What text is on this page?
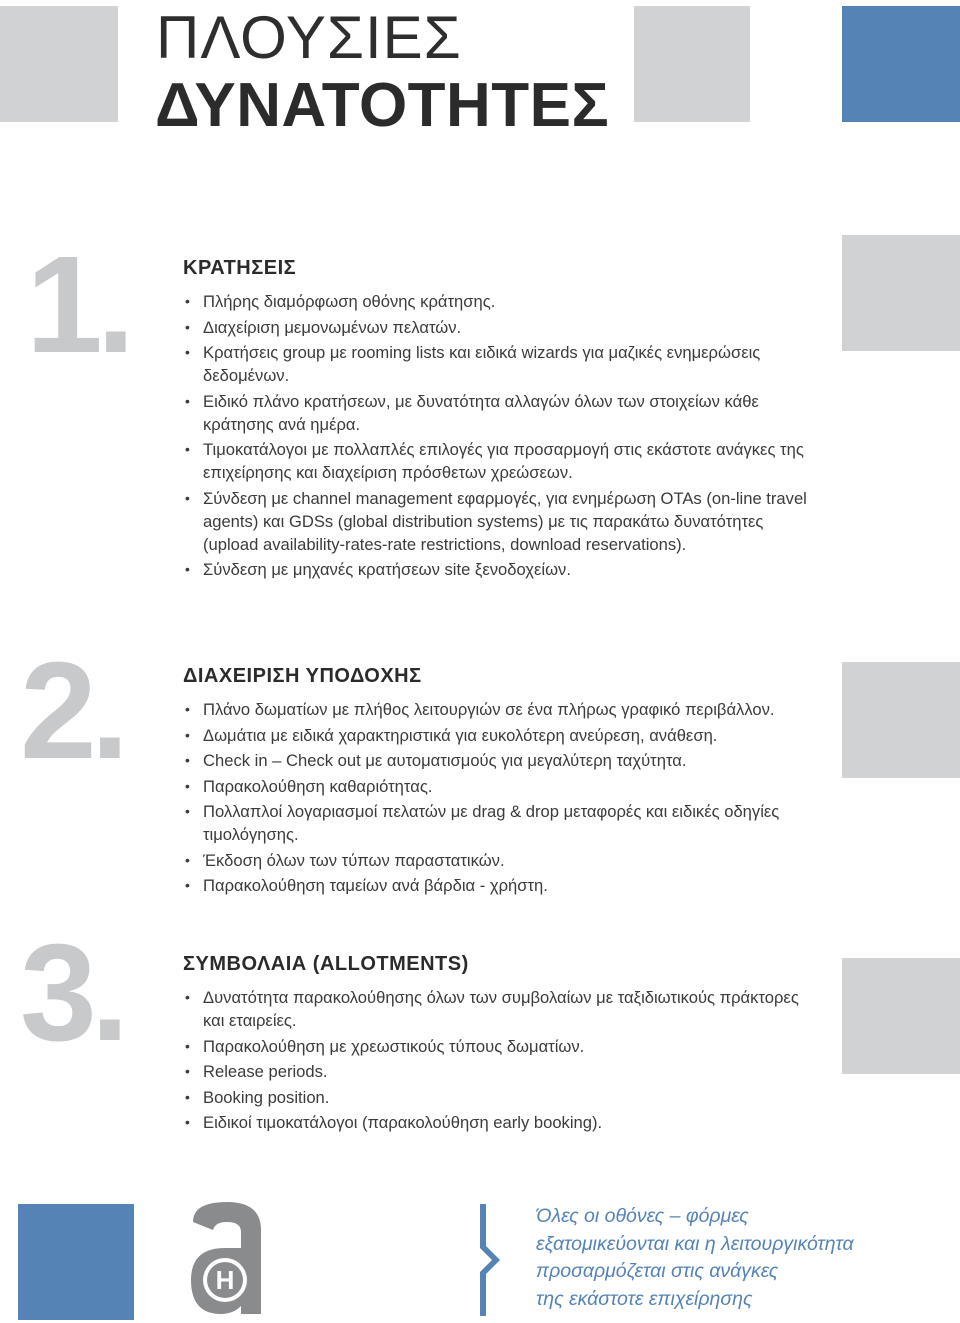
ΠΛΟΥΣΙΕΣ
ΔΥΝΑΤΟΤΗΤΕΣ
1.
2.
3.
ΚΡΑΤΗΣΕΙΣ
• Πλήρης διαμόρφωση οθόνης κράτησης.
• Διαχείριση μεμονωμένων πελατών.
• Κρατήσεις group με rooming lists και ειδικά wizards για μαζικές ενημερώσεις δεδομένων.
• Ειδικό πλάνο κρατήσεων, με δυνατότητα αλλαγών όλων των στοιχείων κάθε κράτησης ανά ημέρα.
• Τιμοκατάλογοι με πολλαπλές επιλογές για προσαρμογή στις εκάστοτε ανάγκες της επιχείρησης και διαχείριση πρόσθετων χρεώσεων.
• Σύνδεση με channel management εφαρμογές, για ενημέρωση OTAs (on-line travel agents) και GDSs (global distribution systems) με τις παρακάτω δυνατότητες (upload availability-rates-rate restrictions, download reservations).
• Σύνδεση με μηχανές κρατήσεων site ξενοδοχείων.
ΔΙΑΧΕΙΡΙΣΗ ΥΠΟΔΟΧΗΣ
• Πλάνο δωματίων με πλήθος λειτουργιών σε ένα πλήρως γραφικό περιβάλλον.
• Δωμάτια με ειδικά χαρακτηριστικά για ευκολότερη ανεύρεση, ανάθεση.
• Check in – Check out με αυτοματισμούς για μεγαλύτερη ταχύτητα.
• Παρακολούθηση καθαριότητας.
• Πολλαπλοί λογαριασμοί πελατών με drag & drop μεταφορές και ειδικές οδηγίες τιμολόγησης.
• Έκδοση όλων των τύπων παραστατικών.
• Παρακολούθηση ταμείων ανά βάρδια - χρήστη.
ΣΥΜΒΟΛΑΙΑ (ALLOTMENTS)
• Δυνατότητα παρακολούθησης όλων των συμβολαίων με ταξιδιωτικούς πράκτορες και εταιρείες.
• Παρακολούθηση με χρεωστικούς τύπους δωματίων.
• Release periods.
• Booking position.
• Ειδικοί τιμοκατάλογοι (παρακολούθηση early booking).
H
Όλες οι οθόνες – φόρμες
εξατομικεύονται και η λειτουργικότητα
προσαρμόζεται στις ανάγκες
της εκάστοτε επιχείρησης
